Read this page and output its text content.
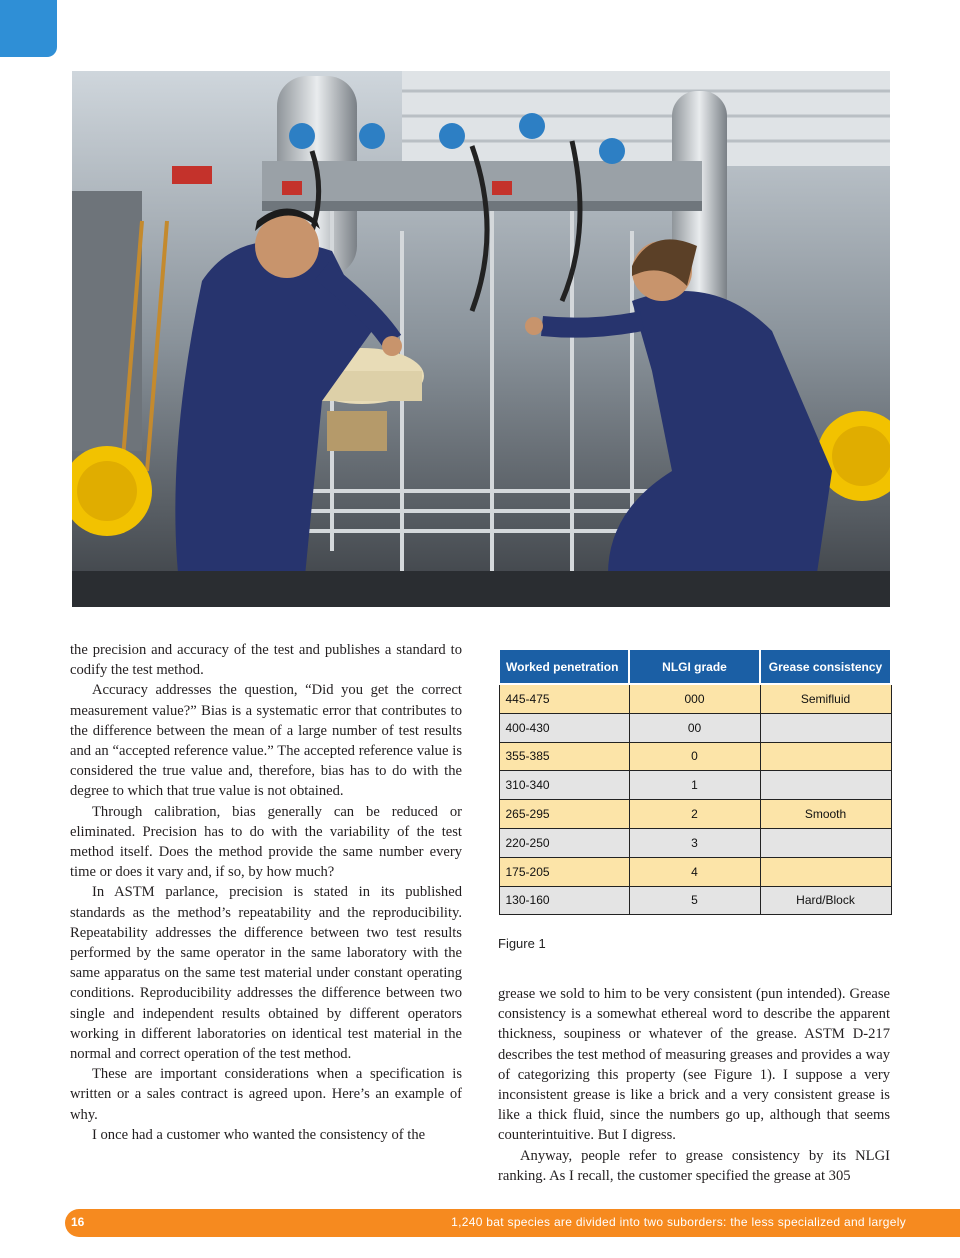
the precision and accuracy of the test and publishes a standard to codify the test method.

Accuracy addresses the question, “Did you get the correct measurement value?” Bias is a systematic error that contributes to the difference between the mean of a large number of test results and an “accepted reference value.” The accepted reference value is considered the true value and, therefore, bias has to do with the degree to which that true value is not obtained.

Through calibration, bias generally can be reduced or eliminated. Precision has to do with the variability of the test method itself. Does the method provide the same number every time or does it vary and, if so, by how much?

In ASTM parlance, precision is stated in its published standards as the method’s repeatability and the reproducibility. Repeatability addresses the difference between two test results performed by the same operator in the same laboratory with the same apparatus on the same test material under constant operating conditions. Reproducibility addresses the difference between two single and independent results obtained by different operators working in different laboratories on identical test material in the normal and correct operation of the test method.

These are important considerations when a specification is written or a sales contract is agreed upon. Here’s an example of why.

I once had a customer who wanted the consistency of the

Worked penetration	NLGI grade	Grease consistency
445-475	000	Semifluid
400-430	00	
355-385	0	
310-340	1	
265-295	2	Smooth
220-250	3	
175-205	4	
130-160	5	Hard/Block
Figure 1

grease we sold to him to be very consistent (pun intended). Grease consistency is a somewhat ethereal word to describe the apparent thickness, soupiness or whatever of the grease. ASTM D-217 describes the test method of measuring greases and provides a way of categorizing this property (see Figure 1). I suppose a very inconsistent grease is like a brick and a very consistent grease is like a thick fluid, since the numbers go up, although that seems counterintuitive. But I digress.

Anyway, people refer to grease consistency by its NLGI ranking. As I recall, the customer specified the grease at 305

16	1,240 bat species are divided into two suborders: the less specialized and largely
